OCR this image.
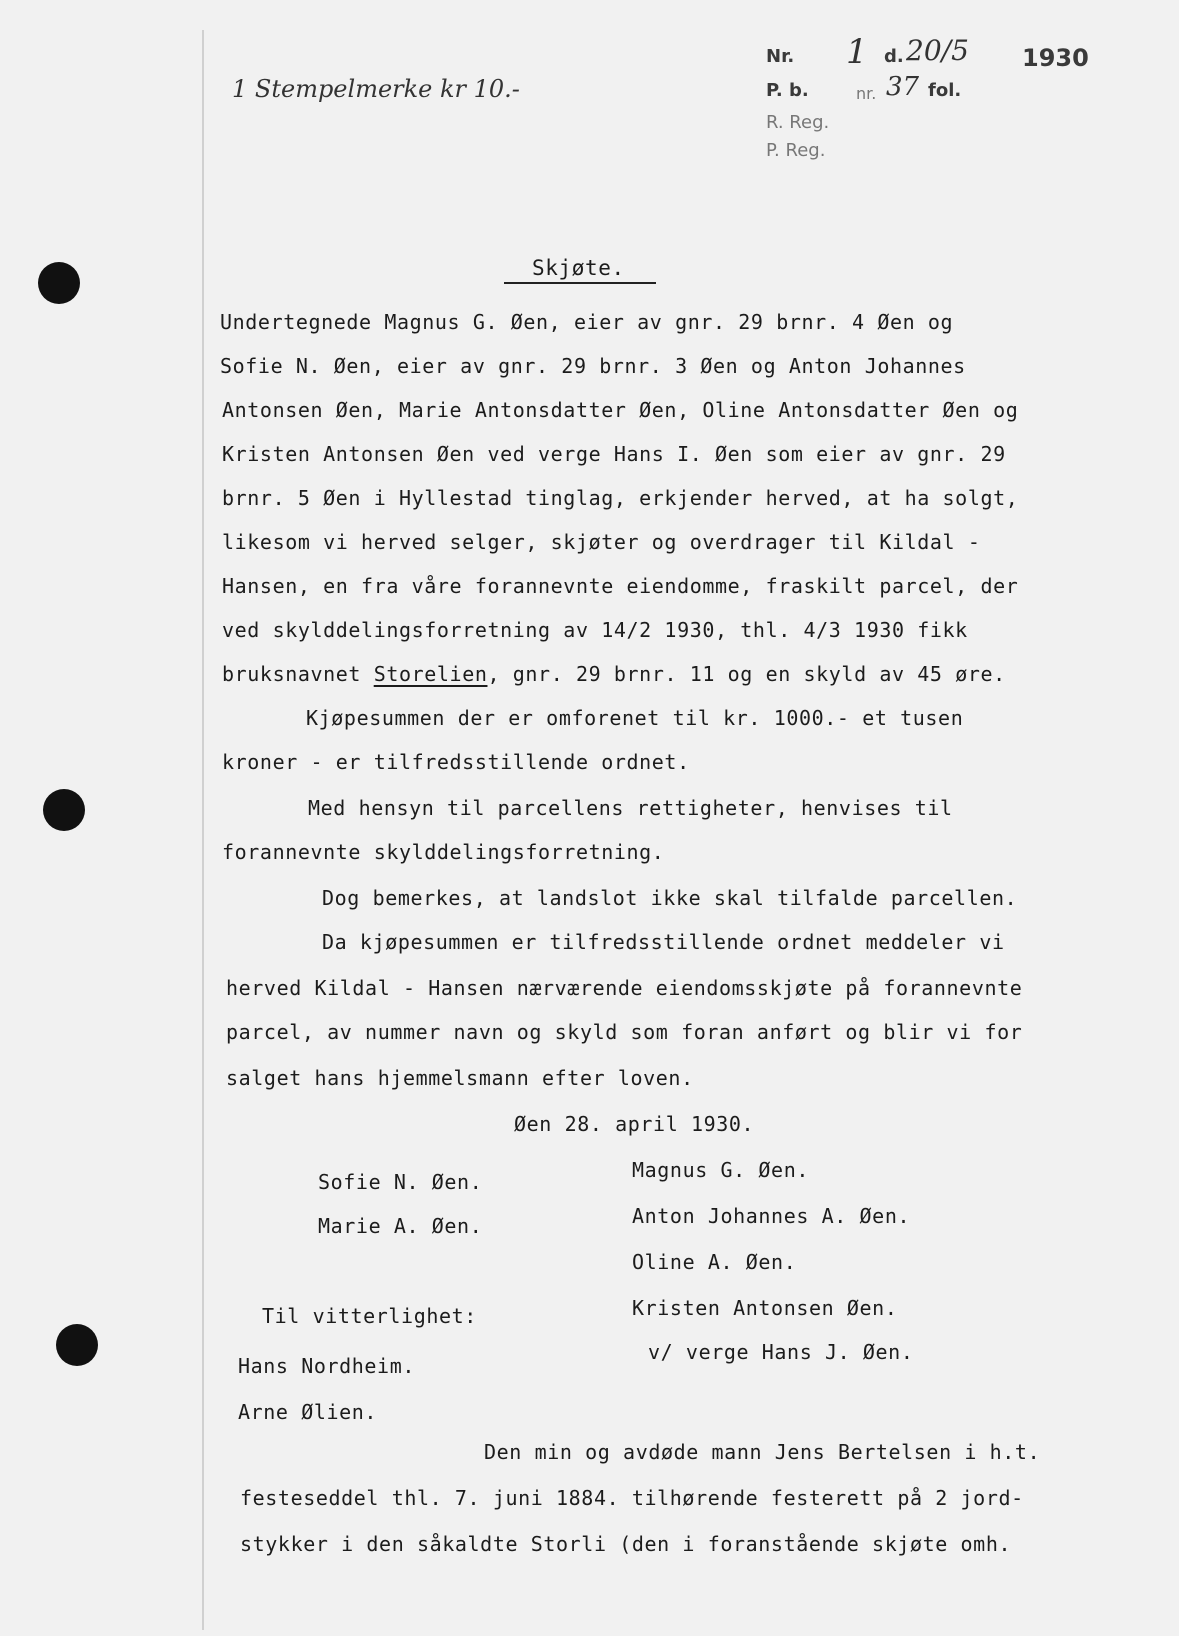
1 Stempelmerke kr 10.-
Nr. 1 d. 20/5 1930
P. b.	nr. 37 fol.
R. Reg.
P. Reg.
Skjøte.
Undertegnede Magnus G. Øen, eier av gnr. 29 brnr. 4 Øen og
Sofie N. Øen, eier av gnr. 29 brnr. 3 Øen og Anton Johannes
Antonsen Øen, Marie Antonsdatter Øen, Oline Antonsdatter Øen og
Kristen Antonsen Øen ved verge Hans I. Øen som eier av gnr. 29
brnr. 5 Øen i Hyllestad tinglag, erkjender herved, at ha solgt,
likesom vi herved selger, skjøter og overdrager til Kildal -
Hansen, en fra våre forannevnte eiendomme, fraskilt parcel, der
ved skylddelingsforretning av 14/2 1930, thl. 4/3 1930 fikk
bruksnavnet Storelien, gnr. 29 brnr. 11 og en skyld av 45 øre.
Kjøpesummen der er omforenet til kr. 1000.- et tusen
kroner - er tilfredsstillende ordnet.
Med hensyn til parcellens rettigheter, henvises til
forannevnte skylddelingsforretning.
Dog bemerkes, at landslot ikke skal tilfalde parcellen.
Da kjøpesummen er tilfredsstillende ordnet meddeler vi
herved Kildal - Hansen nærværende eiendomsskjøte på forannevnte
parcel, av nummer navn og skyld som foran anført og blir vi for
salget hans hjemmelsmann efter loven.
Øen 28. april 1930.
Sofie N. Øen.
Marie A. Øen.
Magnus G. Øen.
Anton Johannes A. Øen.
Oline A. Øen.
Kristen Antonsen Øen.
v/ verge Hans J. Øen.
Til vitterlighet:
Hans Nordheim.
Arne Ølien.
Den min og avdøde mann Jens Bertelsen i h.t.
festeseddel thl. 7. juni 1884. tilhørende festerett på 2 jord-
stykker i den såkaldte Storli (den i foranstående skjøte omh.
